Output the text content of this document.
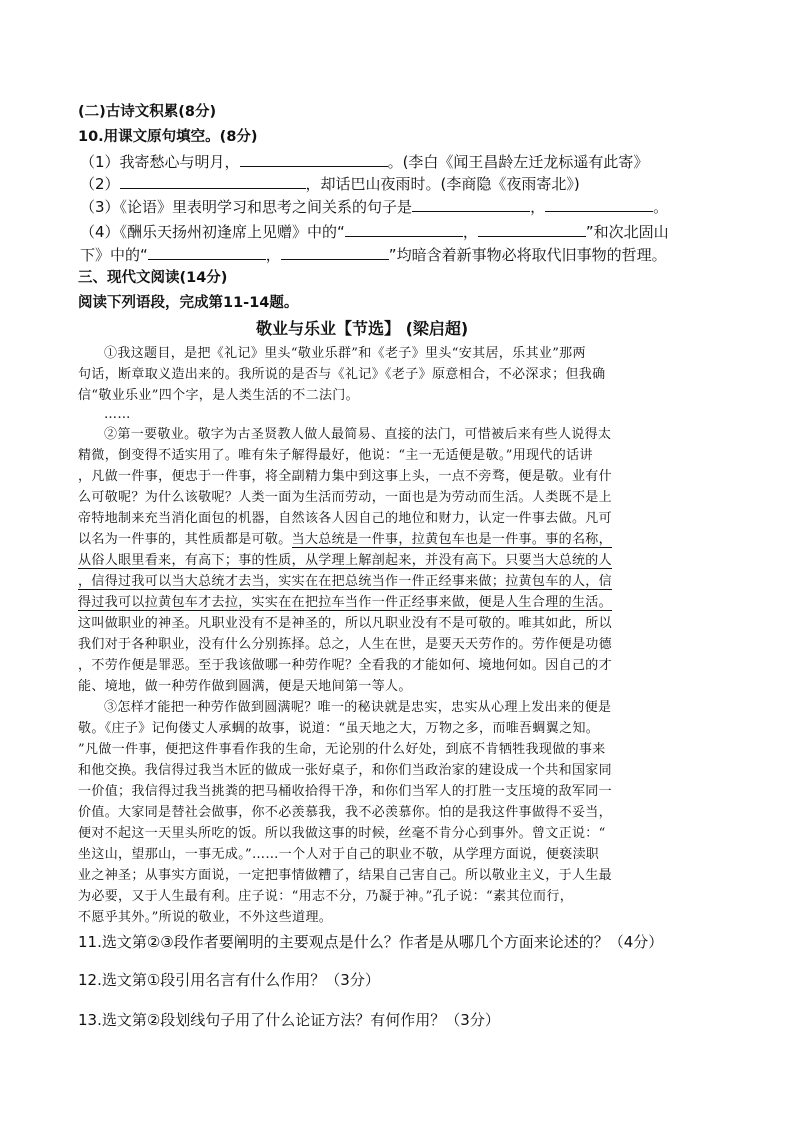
(二)古诗文积累(8分)
10.用课文原句填空。(8分)
（1）我寄愁心与明月，	。(李白《闻王昌龄左迁龙标遥有此寄》
（2）	，却话巴山夜雨时。(李商隐《夜雨寄北》)
（3）《论语》里表明学习和思考之间关系的句子是	，	。
（4）《酬乐天扬州初逢席上见赠》中的“	，	”和次北固山
下》中的“	，	”均暗含着新事物必将取代旧事物的哲理。
三、现代文阅读(14分)
阅读下列语段，完成第11-14题。
敬业与乐业【节选】 (梁启超)
①我这题目，是把《礼记》里头“敬业乐群”和《老子》里头“安其居，乐其业”那两
句话，断章取义造出来的。我所说的是否与《礼记》《老子》原意相合，不必深求；但我确
信“敬业乐业”四个字，是人类生活的不二法门。
……
②第一要敬业。敬字为古圣贤教人做人最简易、直接的法门，可惜被后来有些人说得太
精微，倒变得不适实用了。唯有朱子解得最好，他说：“主一无适便是敬。”用现代的话讲
，凡做一件事，便忠于一件事，将全副精力集中到这事上头，一点不旁骛，便是敬。业有什
么可敬呢？为什么该敬呢？人类一面为生活而劳动，一面也是为劳动而生活。人类既不是上
帝特地制来充当消化面包的机器，自然该各人因自己的地位和财力，认定一件事去做。凡可
以名为一件事的，其性质都是可敬。当大总统是一件事，拉黄包车也是一件事。事的名称，
从俗人眼里看来，有高下；事的性质，从学理上解剖起来，并没有高下。只要当大总统的人
，信得过我可以当大总统才去当，实实在在把总统当作一件正经事来做；拉黄包车的人，信
得过我可以拉黄包车才去拉，实实在在把拉车当作一件正经事来做，便是人生合理的生活。
这叫做职业的神圣。凡职业没有不是神圣的，所以凡职业没有不是可敬的。唯其如此，所以
我们对于各种职业，没有什么分别拣择。总之，人生在世，是要天天劳作的。劳作便是功德
，不劳作便是罪恶。至于我该做哪一种劳作呢？全看我的才能如何、境地何如。因自己的才
能、境地，做一种劳作做到圆满，便是天地间第一等人。
③怎样才能把一种劳作做到圆满呢？唯一的秘诀就是忠实，忠实从心理上发出来的便是
敬。《庄子》记佝偻丈人承蜩的故事，说道：“虽天地之大，万物之多，而唯吾蜩翼之知。
”凡做一件事，便把这件事看作我的生命，无论别的什么好处，到底不肯牺牲我现做的事来
和他交换。我信得过我当木匠的做成一张好桌子，和你们当政治家的建设成一个共和国家同
一价值；我信得过我当挑粪的把马桶收拾得干净，和你们当军人的打胜一支压境的敌军同一
价值。大家同是替社会做事，你不必羡慕我，我不必羡慕你。怕的是我这件事做得不妥当，
便对不起这一天里头所吃的饭。所以我做这事的时候，丝毫不肯分心到事外。曾文正说：“
坐这山，望那山，一事无成。”……一个人对于自己的职业不敬，从学理方面说，便亵渎职
业之神圣；从事实方面说，一定把事情做糟了，结果自己害自己。所以敬业主义，于人生最
为必要，又于人生最有利。庄子说：“用志不分，乃凝于神。”孔子说：“素其位而行，
不愿乎其外。”所说的敬业，不外这些道理。
11.选文第②③段作者要阐明的主要观点是什么？作者是从哪几个方面来论述的？（4分）
12.选文第①段引用名言有什么作用？（3分）
13.选文第②段划线句子用了什么论证方法？有何作用？（3分）
